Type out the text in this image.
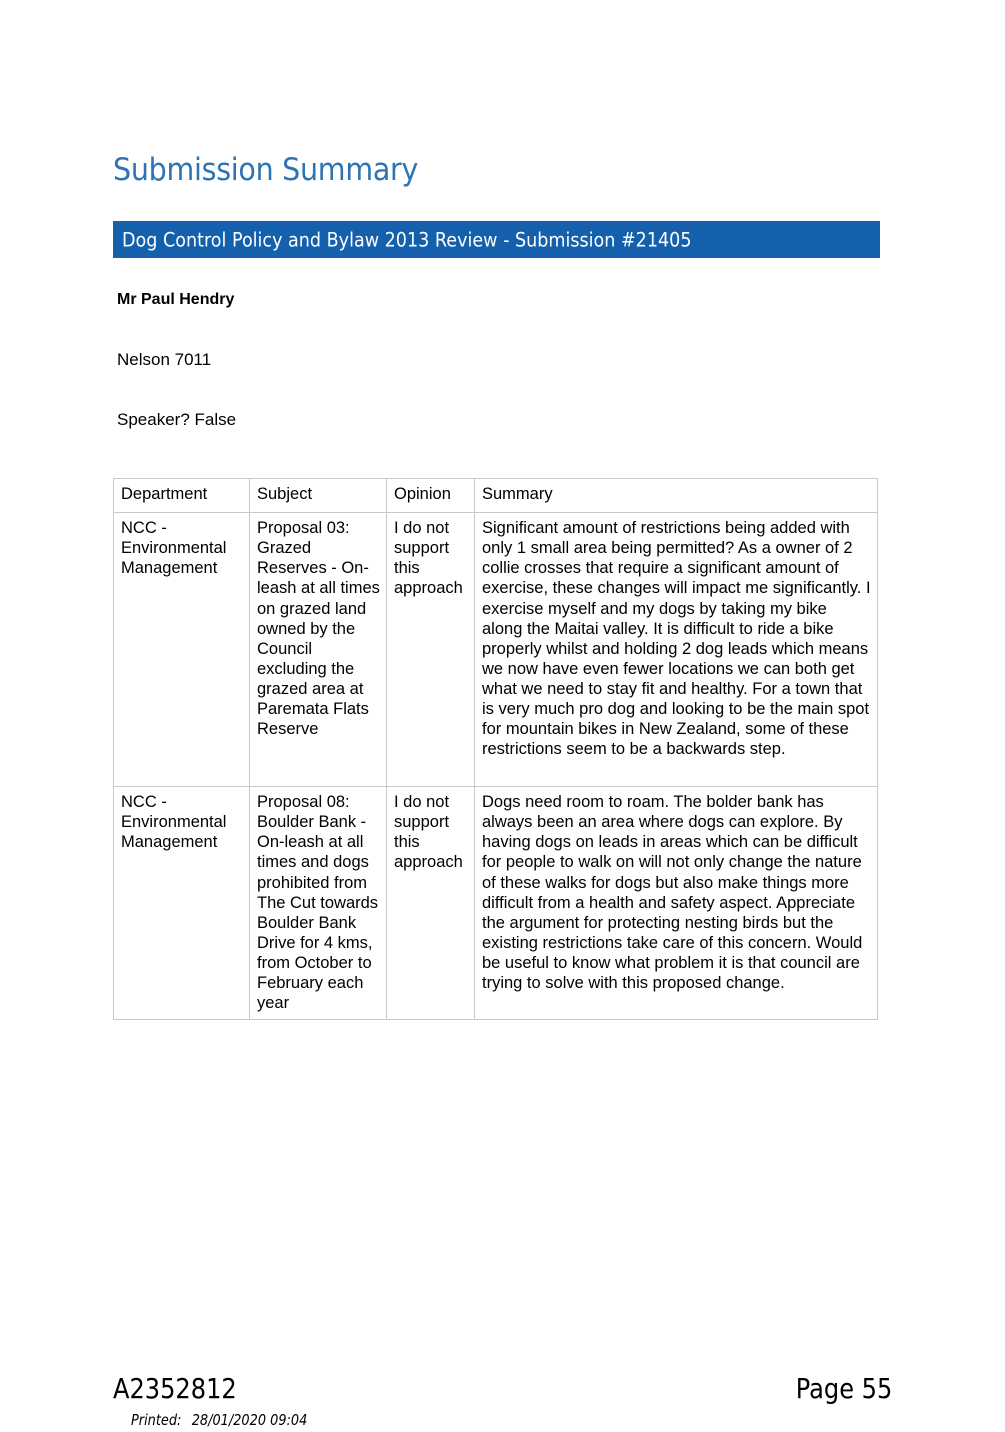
Submission Summary
Dog Control Policy and Bylaw 2013 Review - Submission #21405
Mr Paul Hendry
Nelson 7011
Speaker? False
Department	Subject	Opinion	Summary
NCC - Environmental Management	Proposal 03: Grazed Reserves - On-leash at all times on grazed land owned by the Council excluding the grazed area at Paremata Flats Reserve	I do not support this approach	Significant amount of restrictions being added with only 1 small area being permitted? As a owner of 2 collie crosses that require a significant amount of exercise, these changes will impact me significantly. I exercise myself and my dogs by taking my bike along the Maitai valley. It is difficult to ride a bike properly whilst and holding 2 dog leads which means we now have even fewer locations we can both get what we need to stay fit and healthy. For a town that is very much pro dog and looking to be the main spot for mountain bikes in New Zealand, some of these restrictions seem to be a backwards step.
NCC - Environmental Management	Proposal 08: Boulder Bank - On-leash at all times and dogs prohibited from The Cut towards Boulder Bank Drive for 4 kms, from October to February each year	I do not support this approach	Dogs need room to roam. The bolder bank has always been an area where dogs can explore. By having dogs on leads in areas which can be difficult for people to walk on will not only change the nature of these walks for dogs but also make things more difficult from a health and safety aspect. Appreciate the argument for protecting nesting birds but the existing restrictions take care of this concern. Would be useful to know what problem it is that council are trying to solve with this proposed change.
A2352812	Page 55
Printed: 28/01/2020 09:04
